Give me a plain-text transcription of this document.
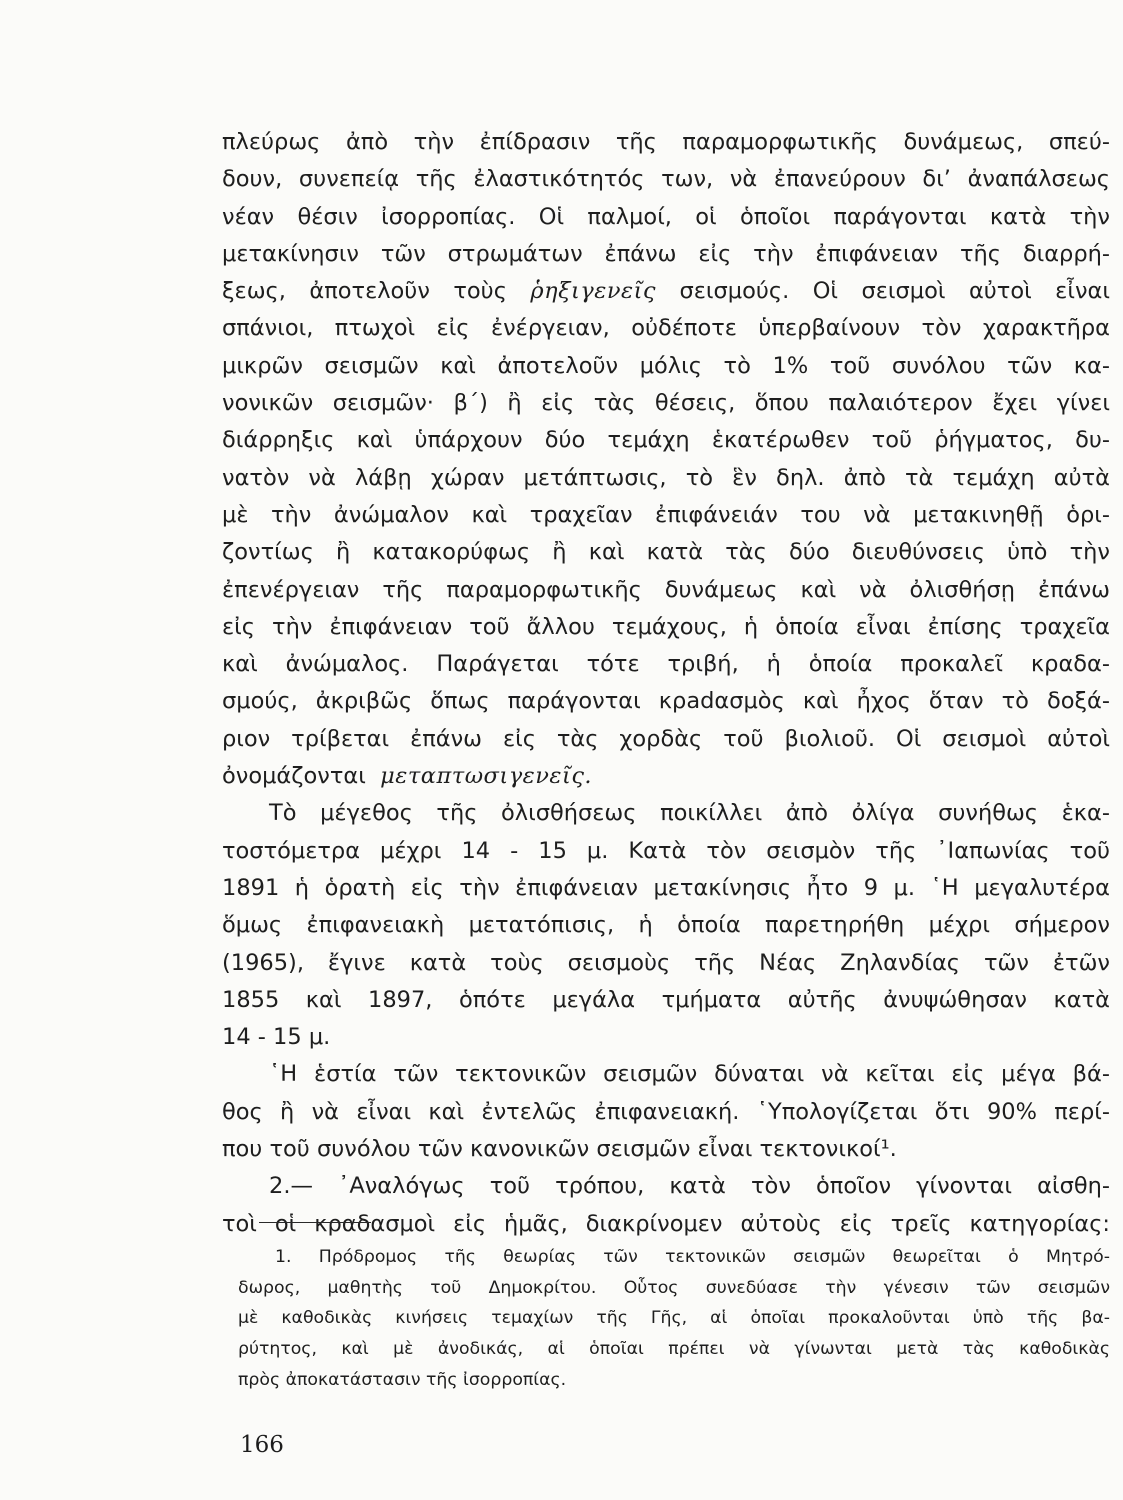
πλεύρως ἀπὸ τὴν ἐπίδρασιν τῆς παραμορφωτικῆς δυνάμεως, σπεύ-
δουν, συνεπείᾳ τῆς ἐλαστικότητός των, νὰ ἐπανεύρουν δι’ ἀναπάλσεως
νέαν θέσιν ἰσορροπίας. Οἱ παλμοί, οἱ ὁποῖοι παράγονται κατὰ τὴν
μετακίνησιν τῶν στρωμάτων ἐπάνω εἰς τὴν ἐπιφάνειαν τῆς διαρρή-
ξεως, ἀποτελοῦν τοὺς ῥηξιγενεῖς σεισμούς. Οἱ σεισμοὶ αὐτοὶ εἶναι
σπάνιοι, πτωχοὶ εἰς ἐνέργειαν, οὐδέποτε ὑπερβαίνουν τὸν χαρακτῆρα
μικρῶν σεισμῶν καὶ ἀποτελοῦν μόλις τὸ 1% τοῦ συνόλου τῶν κα-
νονικῶν σεισμῶν· β΄) ἢ εἰς τὰς θέσεις, ὅπου παλαιότερον ἔχει γίνει
διάρρηξις καὶ ὑπάρχουν δύο τεμάχη ἑκατέρωθεν τοῦ ῥήγματος, δυ-
νατὸν νὰ λάβῃ χώραν μετάπτωσις, τὸ ἓν δηλ. ἀπὸ τὰ τεμάχη αὐτὰ
μὲ τὴν ἀνώμαλον καὶ τραχεῖαν ἐπιφάνειάν του νὰ μετακινηθῇ ὁρι-
ζοντίως ἢ κατακορύφως ἢ καὶ κατὰ τὰς δύο διευθύνσεις ὑπὸ τὴν
ἐπενέργειαν τῆς παραμορφωτικῆς δυνάμεως καὶ νὰ ὀλισθήσῃ ἐπάνω
εἰς τὴν ἐπιφάνειαν τοῦ ἄλλου τεμάχους, ἡ ὁποία εἶναι ἐπίσης τραχεῖα
καὶ ἀνώμαλος. Παράγεται τότε τριβή, ἡ ὁποία προκαλεῖ κραδα-
σμούς, ἀκριβῶς ὅπως παράγονται κρadασμὸς καὶ ἦχος ὅταν τὸ δοξά-
ριον τρίβεται ἐπάνω εἰς τὰς χορδὰς τοῦ βιολιοῦ. Οἱ σεισμοὶ αὐτοὶ
ὀνομάζονται μεταπτωσιγενεῖς.
Τὸ μέγεθος τῆς ὀλισθήσεως ποικίλλει ἀπὸ ὀλίγα συνήθως ἑκα-
τοστόμετρα μέχρι 14 - 15 μ. Κατὰ τὸν σεισμὸν τῆς ᾿Ιαπωνίας τοῦ
1891 ἡ ὁρατὴ εἰς τὴν ἐπιφάνειαν μετακίνησις ἦτο 9 μ. ῾Η μεγαλυτέρα
ὅμως ἐπιφανειακὴ μετατόπισις, ἡ ὁποία παρετηρήθη μέχρι σήμερον
(1965), ἔγινε κατὰ τοὺς σεισμοὺς τῆς Νέας Ζηλανδίας τῶν ἐτῶν
1855 καὶ 1897, ὁπότε μεγάλα τμήματα αὐτῆς ἀνυψώθησαν κατὰ
14 - 15 μ.
῾Η ἑστία τῶν τεκτονικῶν σεισμῶν δύναται νὰ κεῖται εἰς μέγα βά-
θος ἢ νὰ εἶναι καὶ ἐντελῶς ἐπιφανειακή. ῾Υπολογίζεται ὅτι 90% περί-
που τοῦ συνόλου τῶν κανονικῶν σεισμῶν εἶναι τεκτονικοί¹.
2.— ᾿Αναλόγως τοῦ τρόπου, κατὰ τὸν ὁποῖον γίνονται αἰσθη-
τοὶ οἱ κραδασμοὶ εἰς ἡμᾶς, διακρίνομεν αὐτοὺς εἰς τρεῖς κατηγορίας:
1. Πρόδρομος τῆς θεωρίας τῶν τεκτονικῶν σεισμῶν θεωρεῖται ὁ Μητρό-
δωρος, μαθητὴς τοῦ Δημοκρίτου. Οὗτος συνεδύασε τὴν γένεσιν τῶν σεισμῶν
μὲ καθοδικὰς κινήσεις τεμαχίων τῆς Γῆς, αἱ ὁποῖαι προκαλοῦνται ὑπὸ τῆς βα-
ρύτητος, καὶ μὲ ἀνοδικάς, αἱ ὁποῖαι πρέπει νὰ γίνωνται μετὰ τὰς καθοδικὰς
πρὸς ἀποκατάστασιν τῆς ἰσορροπίας.
166
